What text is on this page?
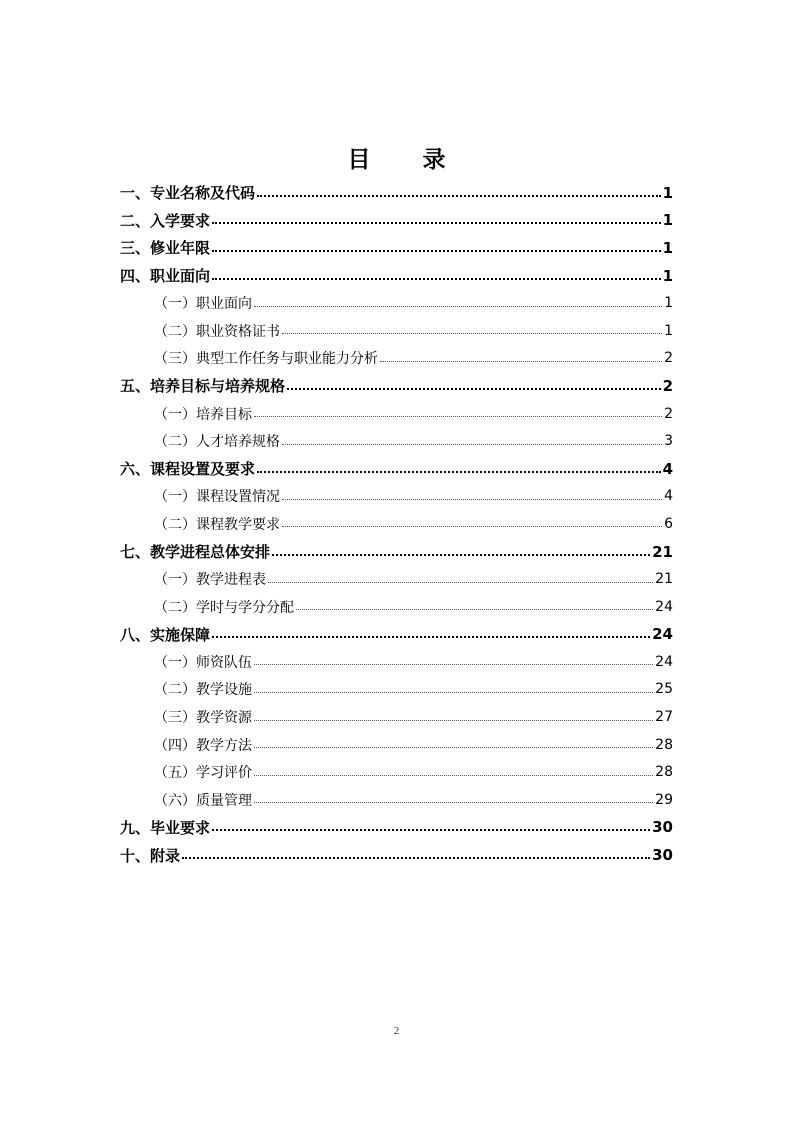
目 录
一、专业名称及代码	1
二、入学要求	1
三、修业年限	1
四、职业面向	1
（一）职业面向	1
（二）职业资格证书	1
（三）典型工作任务与职业能力分析	2
五、培养目标与培养规格	2
（一）培养目标	2
（二）人才培养规格	3
六、课程设置及要求	4
（一）课程设置情况	4
（二）课程教学要求	6
七、教学进程总体安排	21
（一）教学进程表	21
（二）学时与学分分配	24
八、实施保障	24
（一）师资队伍	24
（二）教学设施	25
（三）教学资源	27
（四）教学方法	28
（五）学习评价	28
（六）质量管理	29
九、毕业要求	30
十、附录	30
2
